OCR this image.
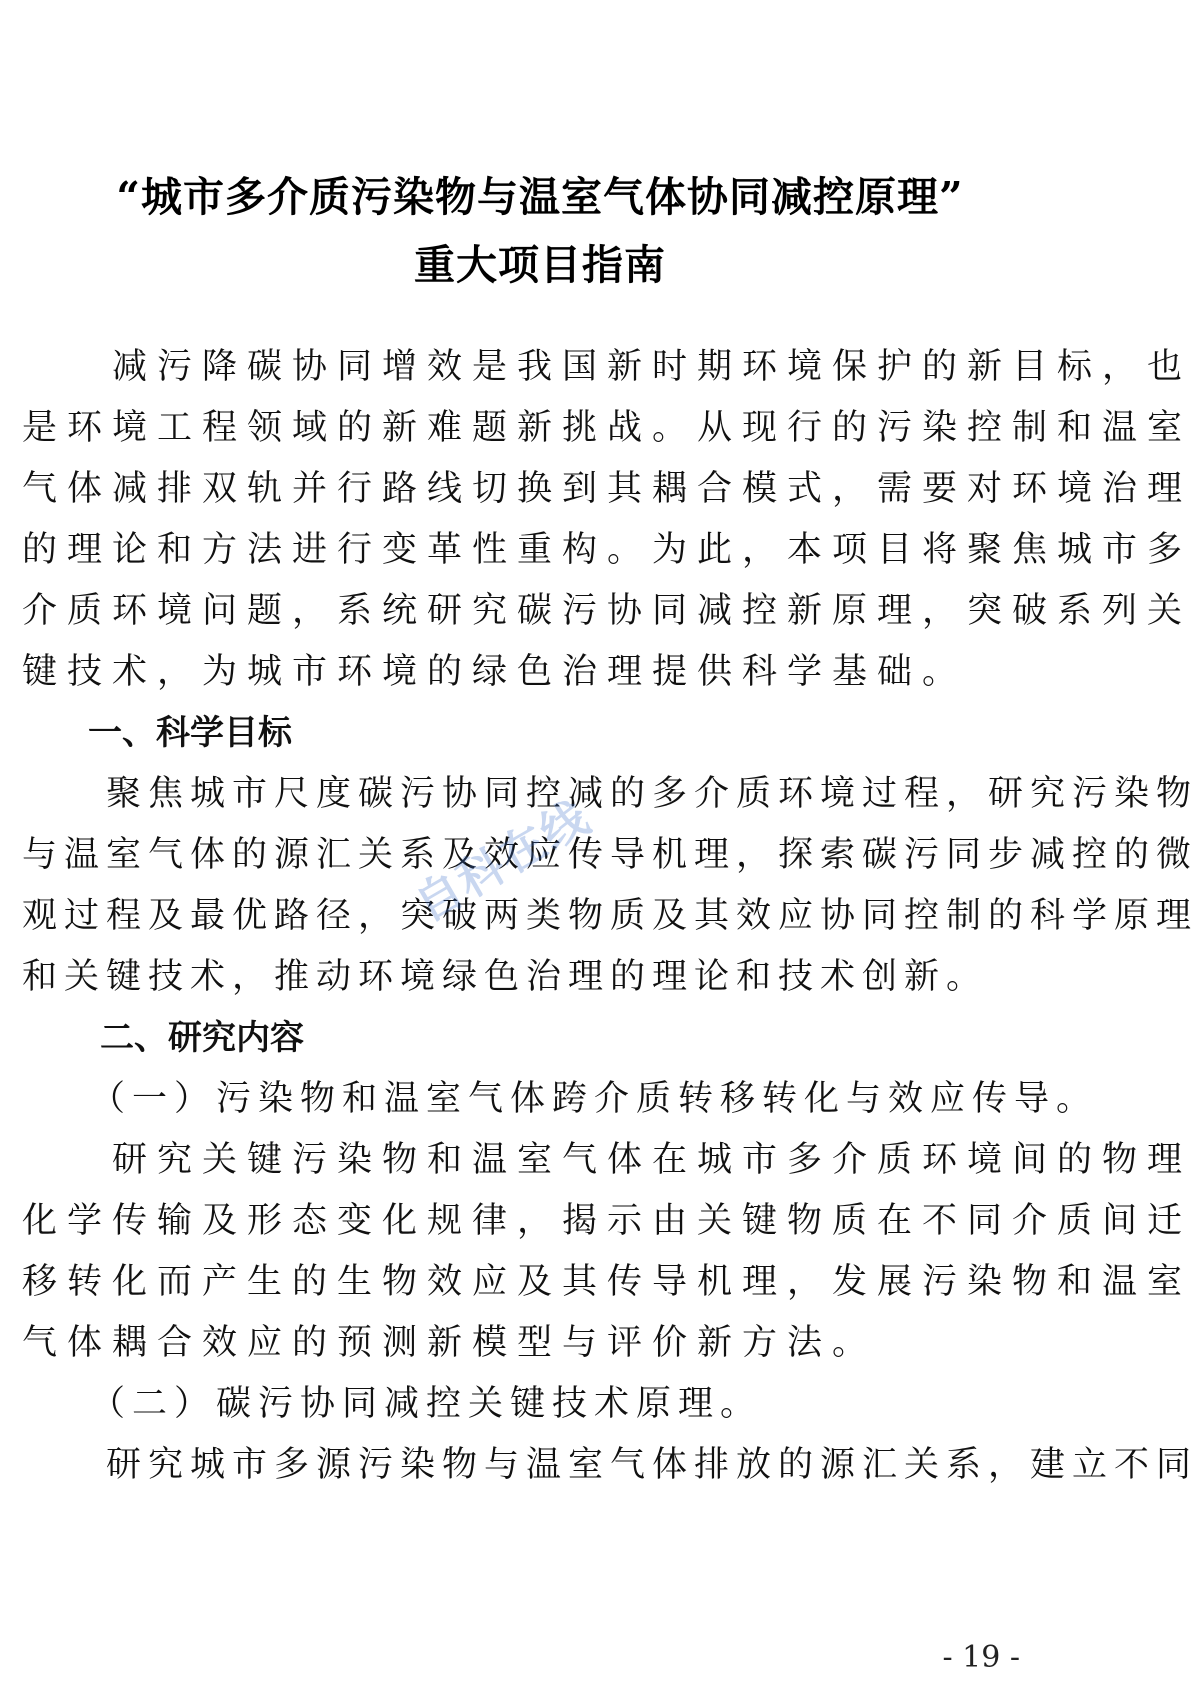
“城市多介质污染物与温室气体协同减控原理”
重大项目指南
　　减污降碳协同增效是我国新时期环境保护的新目标，也
是环境工程领域的新难题新挑战。从现行的污染控制和温室
气体减排双轨并行路线切换到其耦合模式，需要对环境治理
的理论和方法进行变革性重构。为此，本项目将聚焦城市多
介质环境问题，系统研究碳污协同减控新原理，突破系列关
键技术，为城市环境的绿色治理提供科学基础。
一、科学目标
　　聚焦城市尺度碳污协同控减的多介质环境过程，研究污染物
与温室气体的源汇关系及效应传导机理，探索碳污同步减控的微
观过程及最优路径，突破两类物质及其效应协同控制的科学原理
和关键技术，推动环境绿色治理的理论和技术创新。
二、研究内容
（一）污染物和温室气体跨介质转移转化与效应传导。
　　研究关键污染物和温室气体在城市多介质环境间的物理
化学传输及形态变化规律，揭示由关键物质在不同介质间迁
移转化而产生的生物效应及其传导机理，发展污染物和温室
气体耦合效应的预测新模型与评价新方法。
（二）碳污协同减控关键技术原理。
　　研究城市多源污染物与温室气体排放的源汇关系，建立不同
自科在线
- 19 -
